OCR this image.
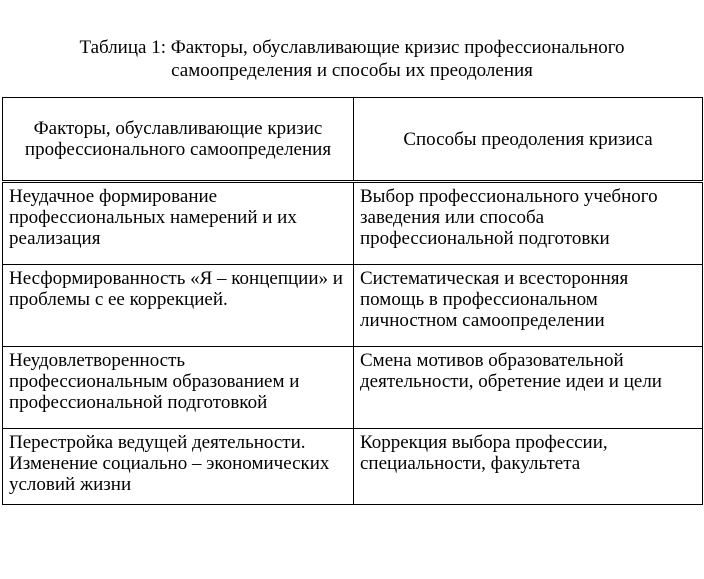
Таблица 1: Факторы, обуславливающие кризис профессионального
самоопределения и способы их преодоления
Факторы, обуславливающие кризис профессионального самоопределения	Способы преодоления кризиса
Неудачное формирование профессиональных намерений и их реализация	Выбор профессионального учебного заведения или способа профессиональной подготовки
Несформированность «Я – концепции» и проблемы с ее коррекцией.	Систематическая и всесторонняя помощь в профессиональном личностном самоопределении
Неудовлетворенность профессиональным образованием и профессиональной подготовкой	Смена мотивов образовательной деятельности, обретение идеи и цели
Перестройка ведущей деятельности. Изменение социально – экономических условий жизни	Коррекция выбора профессии, специальности, факультета
